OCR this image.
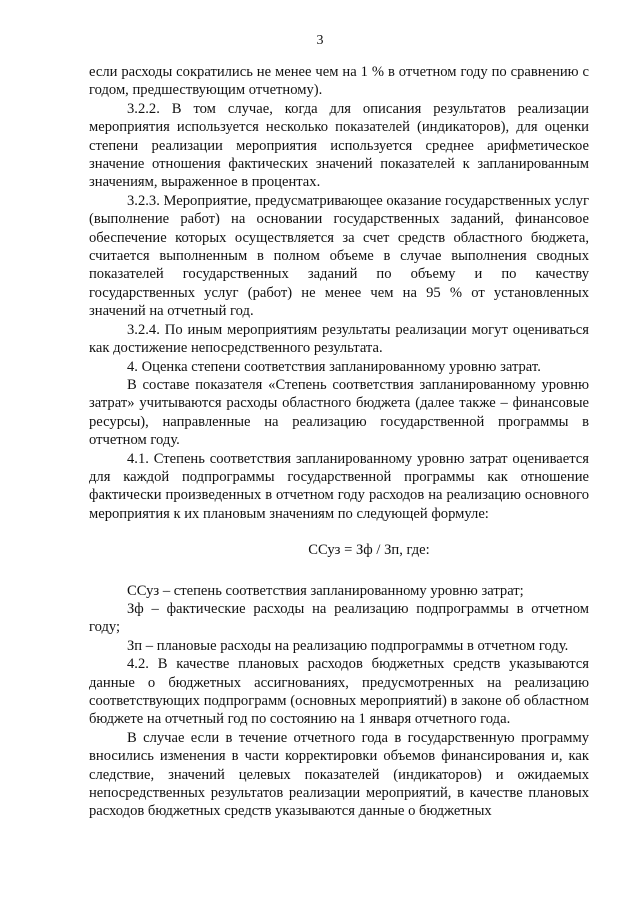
3

если расходы сократились не менее чем на 1 % в отчетном году по сравнению с годом, предшествующим отчетному).

3.2.2. В том случае, когда для описания результатов реализации мероприятия используется несколько показателей (индикаторов), для оценки степени реализации мероприятия используется среднее арифметическое значение отношения фактических значений показателей к запланированным значениям, выраженное в процентах.

3.2.3. Мероприятие, предусматривающее оказание государственных услуг (выполнение работ) на основании государственных заданий, финансовое обеспечение которых осуществляется за счет средств областного бюджета, считается выполненным в полном объеме в случае выполнения сводных показателей государственных заданий по объему и по качеству государственных услуг (работ) не менее чем на 95 % от установленных значений на отчетный год.

3.2.4. По иным мероприятиям результаты реализации могут оцениваться как достижение непосредственного результата.

4. Оценка степени соответствия запланированному уровню затрат.

В составе показателя «Степень соответствия запланированному уровню затрат» учитываются расходы областного бюджета (далее также – финансовые ресурсы), направленные на реализацию государственной программы в отчетном году.

4.1. Степень соответствия запланированному уровню затрат оценивается для каждой подпрограммы государственной программы как отношение фактически произведенных в отчетном году расходов на реализацию основного мероприятия к их плановым значениям по следующей формуле:

ССуз = Зф / Зп, где:

ССуз – степень соответствия запланированному уровню затрат;

Зф – фактические расходы на реализацию подпрограммы в отчетном году;

Зп – плановые расходы на реализацию подпрограммы в отчетном году.

4.2. В качестве плановых расходов бюджетных средств указываются данные о бюджетных ассигнованиях, предусмотренных на реализацию соответствующих подпрограмм (основных мероприятий) в законе об областном бюджете на отчетный год по состоянию на 1 января отчетного года.

В случае если в течение отчетного года в государственную программу вносились изменения в части корректировки объемов финансирования и, как следствие, значений целевых показателей (индикаторов) и ожидаемых непосредственных результатов реализации мероприятий, в качестве плановых расходов бюджетных средств указываются данные о бюджетных
